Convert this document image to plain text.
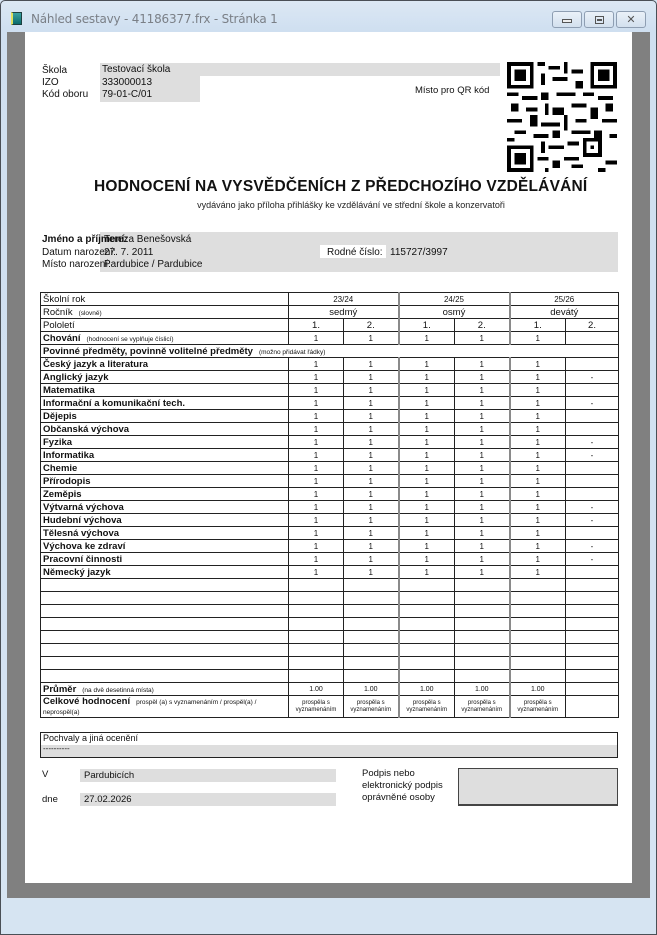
Náhled sestavy - 41186377.frx - Stránka 1	✕
Škola	Testovací škola
IZO	333000013
Kód oboru 79-01-C/01	Místo pro QR kód
HODNOCENÍ NA VYSVĚDČENÍCH Z PŘEDCHOZÍHO VZDĚLÁVÁNÍ
vydáváno jako příloha přihlášky ke vzdělávání ve střední škole a konzervatoři
Jméno a příjmení:
Tereza Benešovská
Datum narození:
27. 7. 2011
Místo narození:
Pardubice / Pardubice
Rodné číslo: 115727/3997
Školní rok	23/24		24/25		25/26	
Ročník (slovně)	sedmý		osmý		devátý	
Pololetí	1.	2.	1.	2.	1.	2.
Chování (hodnocení se vyplňuje číslicí)	1	1	1	1	1	
Povinné předměty, povinně volitelné předměty (možno přidávat řádky)						
Český jazyk a literatura	1	1	1	1	1	
Anglický jazyk	1	1	1	1	1	-
Matematika	1	1	1	1	1	
Informační a komunikační tech.	1	1	1	1	1	-
Dějepis	1	1	1	1	1	
Občanská výchova	1	1	1	1	1	
Fyzika	1	1	1	1	1	-
Informatika	1	1	1	1	1	-
Chemie	1	1	1	1	1	
Přírodopis	1	1	1	1	1	
Zeměpis	1	1	1	1	1	
Výtvarná výchova	1	1	1	1	1	-
Hudební výchova	1	1	1	1	1	-
Tělesná výchova	1	1	1	1	1	
Výchova ke zdraví	1	1	1	1	1	-
Pracovní činnosti	1	1	1	1	1	-
Německý jazyk	1	1	1	1	1	

Průměr (na dvě desetinná místa)	1.00	1.00	1.00	1.00	1.00	
Celkové hodnocení prospěl (a) s vyznamenáním / prospěl(a) / neprospěl(a)	prospěla s vyznamenáním	prospěla s vyznamenáním	prospěla s vyznamenáním	prospěla s vyznamenáním	prospěla s vyznamenáním	
Pochvaly a jiná ocenění
----------
V	Pardubicích
dne	27.02.2026
Podpis nebo
elektronický podpis
oprávněné osoby
